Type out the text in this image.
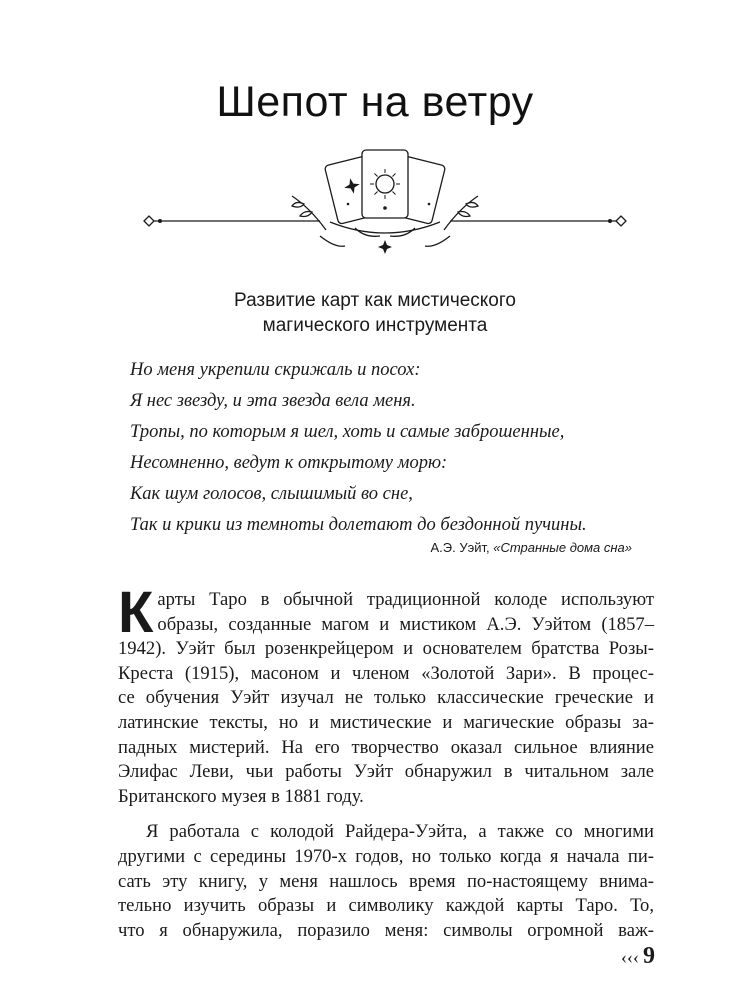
Шепот на ветру
Развитие карт как мистического
магического инструмента
Но меня укрепили скрижаль и посох:
Я нес звезду, и эта звезда вела меня.
Тропы, по которым я шел, хоть и самые заброшенные,
Несомненно, ведут к открытому морю:
Как шум голосов, слышимый во сне,
Так и крики из темноты долетают до бездонной пучины.
А.Э. Уэйт, «Странные дома сна»
К арты Таро в обычной традиционной колоде используют
образы, созданные магом и мистиком А.Э. Уэйтом (1857–
1942). Уэйт был розенкрейцером и основателем братства Розы-
Креста (1915), масоном и членом «Золотой Зари». В процес-
се обучения Уэйт изучал не только классические греческие и
латинские тексты, но и мистические и магические образы за-
падных мистерий. На его творчество оказал сильное влияние
Элифас Леви, чьи работы Уэйт обнаружил в читальном зале
Британского музея в 1881 году.
Я работала с колодой Райдера-Уэйта, а также со многими
другими с середины 1970-х годов, но только когда я начала пи-
сать эту книгу, у меня нашлось время по-настоящему внима-
тельно изучить образы и символику каждой карты Таро. То,
что я обнаружила, поразило меня: символы огромной важ-
‹‹‹ 9
